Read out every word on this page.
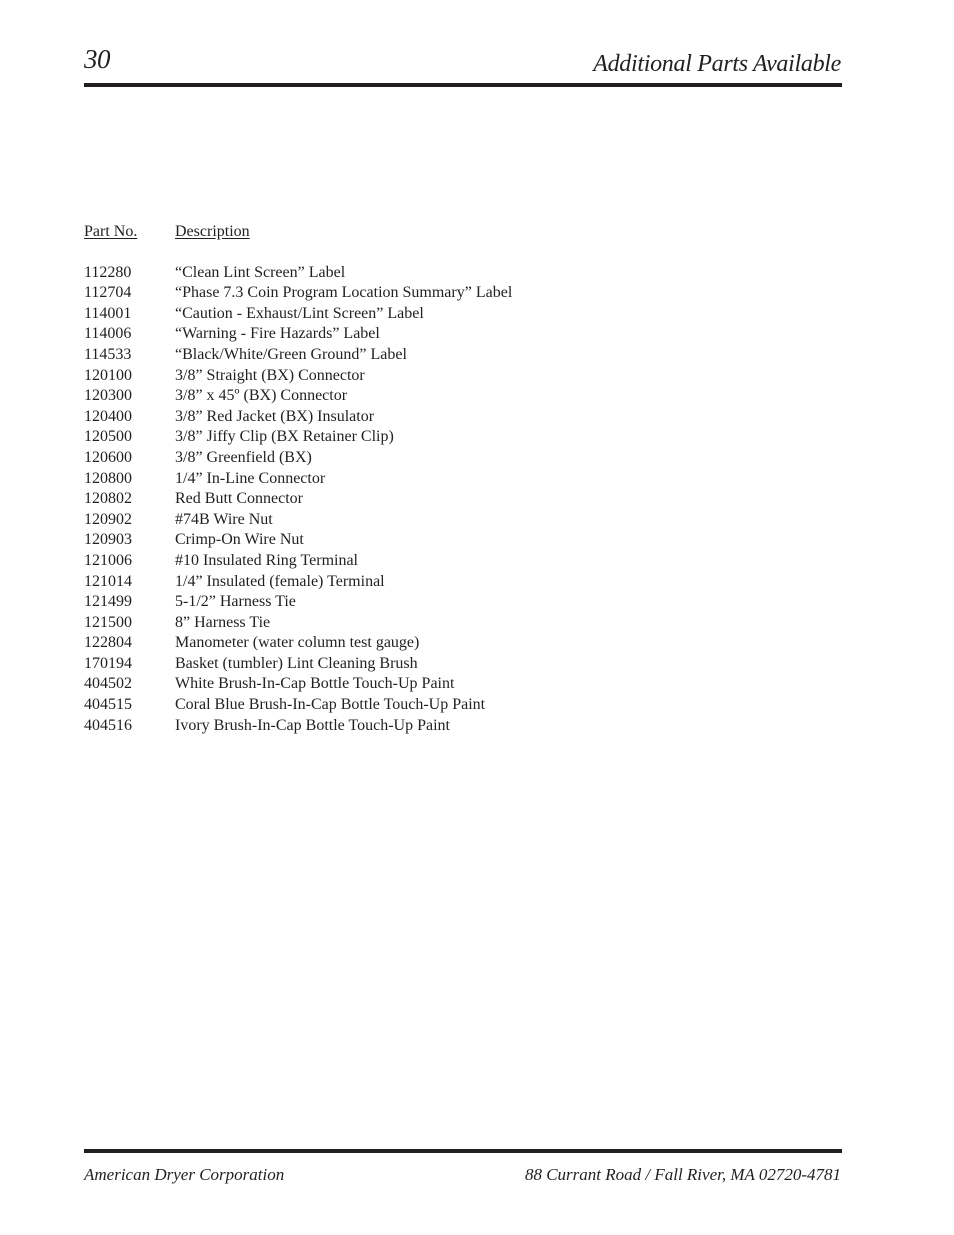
30	Additional Parts Available
Part No.	Description
112280	“Clean Lint Screen” Label
112704	“Phase 7.3 Coin Program Location Summary” Label
114001	“Caution - Exhaust/Lint Screen” Label
114006	“Warning - Fire Hazards” Label
114533	“Black/White/Green Ground” Label
120100	3/8” Straight (BX) Connector
120300	3/8” x 45º (BX) Connector
120400	3/8” Red Jacket (BX) Insulator
120500	3/8” Jiffy Clip (BX Retainer Clip)
120600	3/8” Greenfield (BX)
120800	1/4” In-Line Connector
120802	Red Butt Connector
120902	#74B Wire Nut
120903	Crimp-On Wire Nut
121006	#10 Insulated Ring Terminal
121014	1/4” Insulated (female) Terminal
121499	5-1/2” Harness Tie
121500	8” Harness Tie
122804	Manometer (water column test gauge)
170194	Basket (tumbler) Lint Cleaning Brush
404502	White Brush-In-Cap Bottle Touch-Up Paint
404515	Coral Blue Brush-In-Cap Bottle Touch-Up Paint
404516	Ivory Brush-In-Cap Bottle Touch-Up Paint
American Dryer Corporation	88 Currant Road / Fall River, MA 02720-4781
